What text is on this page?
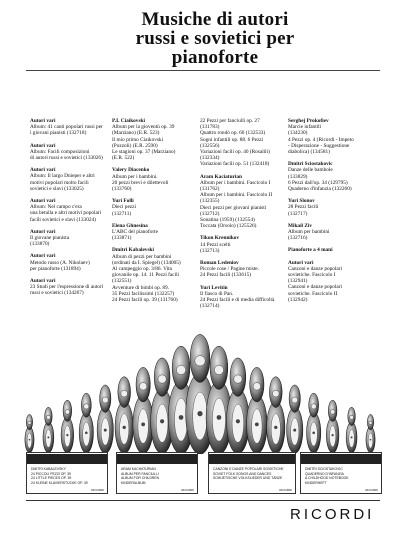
Musiche di autori
russi e sovietici per
pianoforte
Autori vari
Album: 41 canti popolari russi per
i giovani pianisti (132718)
Autori vari
Album: Facili composizioni
di autori russi e sovietici (133026)
Autori vari
Album: Il largo Dnieper e altri
motivi popolari molto facili
sovietici e slavi (133025)
Autori vari
Album: Nel campo c'era
una betulla e altri motivi popolari
facili sovietici e slavi (133024)
Autori vari
Il giovane pianista
(133870)
Autori vari
Metodo russo (A. Nikolaev)
per pianoforte (131894)
Autori vari
23 Studi per l'espressione di autori
russi e sovietici (134267)
P.I. Ciaikovski
Album per la gioventù op. 39
(Marziano) (E.R. 523)
Il mio primo Ciaikovski
(Pozzoli) (E.R. 2590)
Le stagioni op. 37 (Marziano)
(E.R. 522)
Valery Diacenko
Album per i bambini.
20 pezzi brevi e dilettevoli
(133760)
Yuri Folli
Dieci pezzi
(132711)
Elena Ghnesina
L'ABC del pianoforte
(133871)
Dmitri Kabalevski
Album di pezzi per bambini
(ordinati da I. Spiegel) (134005)
Al campeggio op. 3/86. Vita
giovanile op. 14. 11 Pezzi facili
(132551)
Avventure di bimbi op. 89.
35 Pezzi facilissimi (132257)
24 Pezzi facili op. 39 (131760)
22 Pezzi per fanciulli op. 27
(131783)
Quattro rondò op. 60 (132533)
Sogni infantili op. 88. 6 Pezzi
(132556)
Variazioni facili op. 40 (Rosalili)
(132334)
Variazioni facili op. 51 (132418)
Aram Kaciaturian
Album per i bambini. Fascicolo I
(131762)
Album per i bambini. Fascicolo II
(132355)
Dieci pezzi per giovani pianisti
(132712)
Sonatina (1959) (132554)
Toccata (Orsolo) (125526)
Tikon Krennikov
14 Pezzi scelti
(132713)
Roman Ledeniov
Piccole cose / Pagine miste.
24 Pezzi facili (133615)
Yuri Levitin
Il fiasco di Pan.
24 Pezzi facili e di media difficoltà
(132714)
Serghej Prokofiev
Marcie infantili
(134230)
4 Pezzi op. 4 (Ricordi - Impeto
- Disperazione - Suggestione
diabolica) (134581)
Dmitri Sciostakovic
Danze delle bambole
(133829)
6 Pezzi dall'op. 34 (129795)
Quaderno d'infanzia (132260)
Yuri Slonov
28 Pezzi facili
(132717)
Mikail Ziv
Album per bambini
(132716)
Pianoforte a 4 mani
Autori vari
Canzoni e danze popolari
sovietiche. Fascicolo I
(132941)
Canzoni e danze popolari
sovietiche. Fascicolo II
(132942)
DMITRI KABALEVSKY
24 PICCOLI PEZZI OP. 39
24 LITTLE PIECES OP. 39
24 KLEINE KLAVIERSTÜCKE OP. 39
RICORDI
ARAM KACHATURIAN
ALBUM PER FANCIULLI
ALBUM FOR CHILDREN
KINDERALBUM
RICORDI
CANZONI E DANZE POPOLARI SOVIETICHE
SOVIET FOLK SONGS AND DANCES
SOWJETISCHE VOLKSLIEDER UND TÄNZE
RICORDI
DMITRI SCIOSTAKOVIC
QUADERNO D'INFANZIA
A CHILDHOOD NOTEBOOK
KINDERHEFT
RICORDI
RICORDI
